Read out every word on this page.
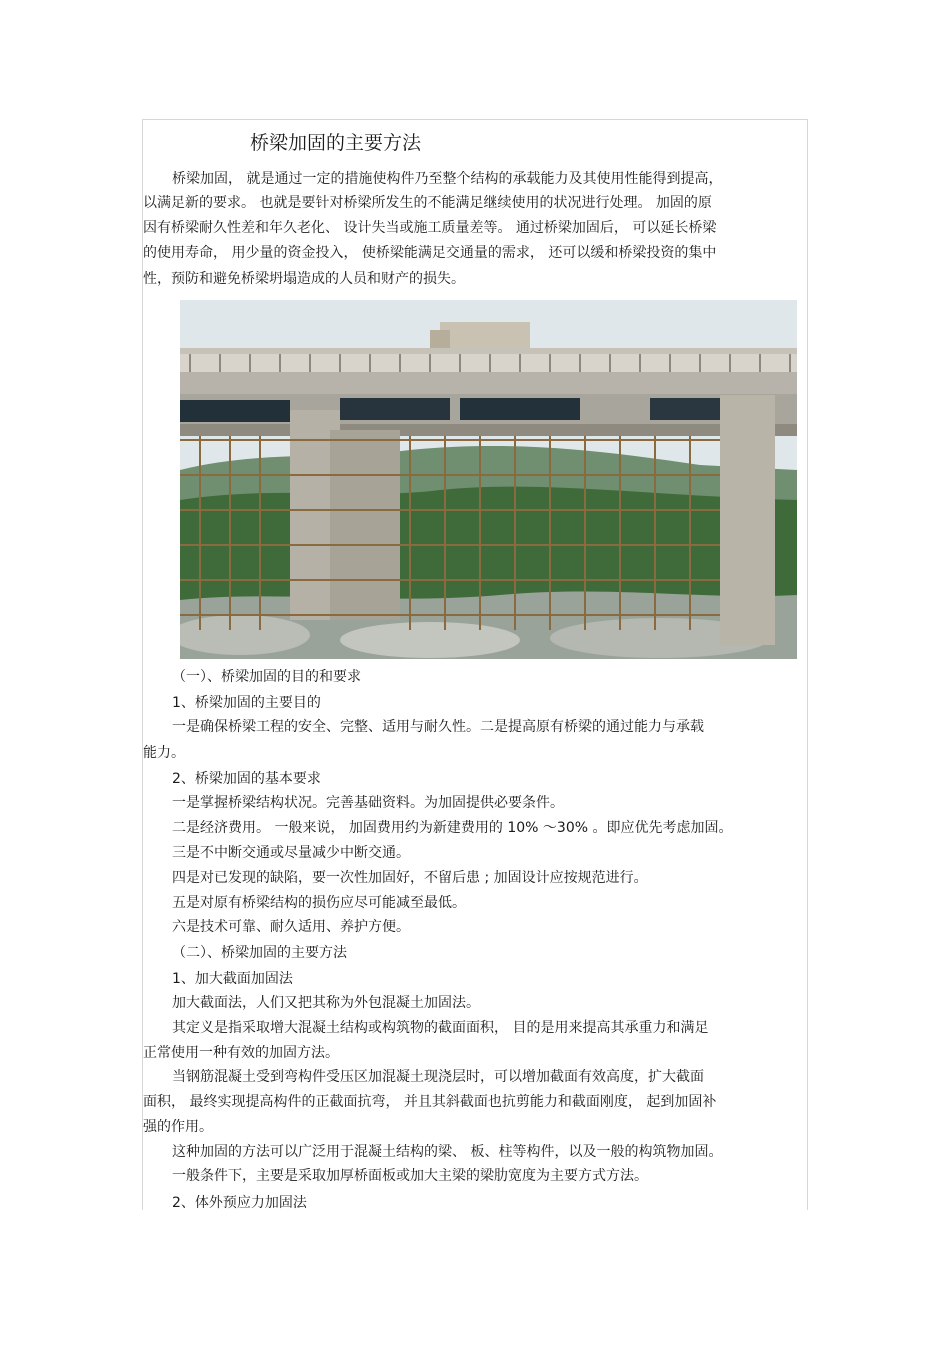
桥梁加固的主要方法
桥梁加固， 就是通过一定的措施使构件乃至整个结构的承载能力及其使用性能得到提高，
以满足新的要求。 也就是要针对桥梁所发生的不能满足继续使用的状况进行处理。 加固的原
因有桥梁耐久性差和年久老化、 设计失当或施工质量差等。 通过桥梁加固后， 可以延长桥梁
的使用寿命， 用少量的资金投入， 使桥梁能满足交通量的需求， 还可以缓和桥梁投资的集中
性，预防和避免桥梁坍塌造成的人员和财产的损失。
（一）、桥梁加固的目的和要求
1、桥梁加固的主要目的
一是确保桥梁工程的安全、完整、适用与耐久性。二是提高原有桥梁的通过能力与承载
能力。
2、桥梁加固的基本要求
一是掌握桥梁结构状况。完善基础资料。为加固提供必要条件。
二是经济费用。 一般来说， 加固费用约为新建费用的 10% ～30% 。即应优先考虑加固。
三是不中断交通或尽量减少中断交通。
四是对已发现的缺陷，要一次性加固好，不留后患 ; 加固设计应按规范进行。
五是对原有桥梁结构的损伤应尽可能减至最低。
六是技术可靠、耐久适用、养护方便。
（二）、桥梁加固的主要方法
1、加大截面加固法
加大截面法，人们又把其称为外包混凝土加固法。
其定义是指采取增大混凝土结构或构筑物的截面面积， 目的是用来提高其承重力和满足
正常使用一种有效的加固方法。
当钢筋混凝土受到弯构件受压区加混凝土现浇层时，可以增加截面有效高度，扩大截面
面积， 最终实现提高构件的正截面抗弯， 并且其斜截面也抗剪能力和截面刚度， 起到加固补
强的作用。
这种加固的方法可以广泛用于混凝土结构的梁、 板、柱等构件，以及一般的构筑物加固。
一般条件下，主要是采取加厚桥面板或加大主梁的梁肋宽度为主要方式方法。
2、体外预应力加固法
